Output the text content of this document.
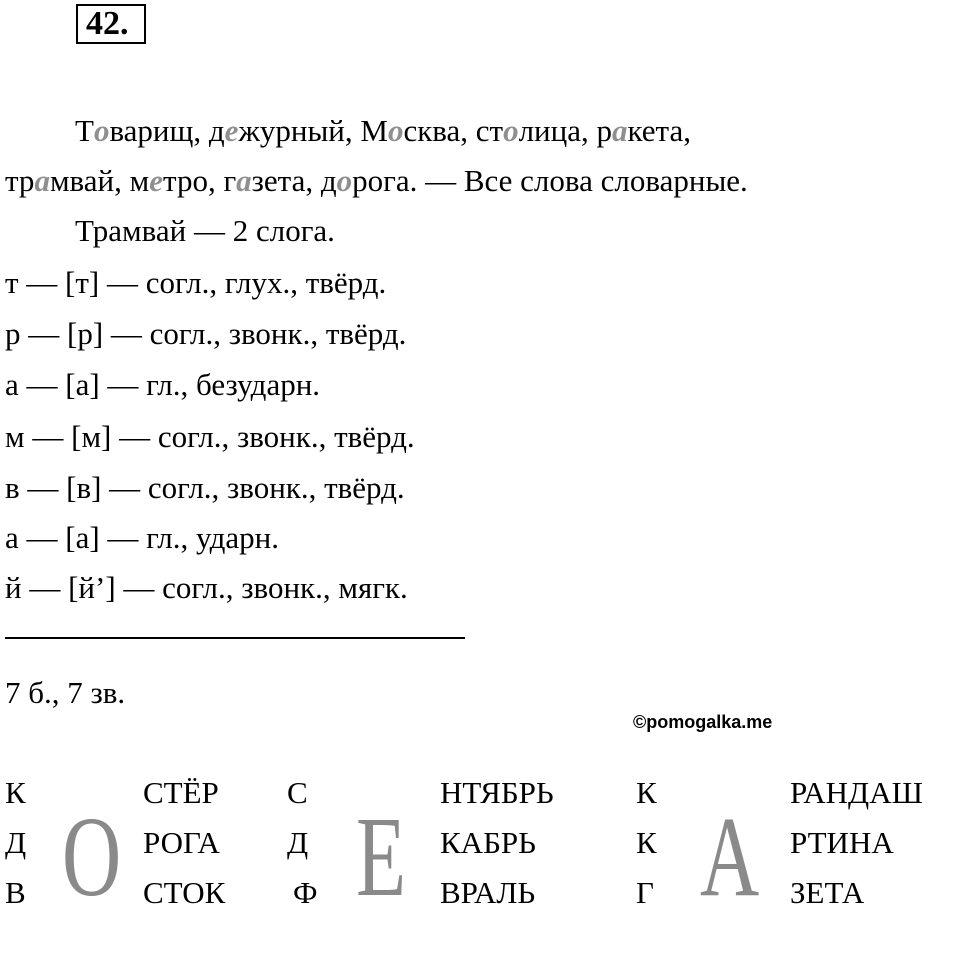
42.
Товарищ, дежурный, Москва, столица, ракета,
трамвай, метро, газета, дорога. — Все слова словарные.
Трамвай — 2 слога.
т — [т] — согл., глух., твёрд.
р — [р] — согл., звонк., твёрд.
а — [а] — гл., безударн.
м — [м] — согл., звонк., твёрд.
в — [в] — согл., звонк., твёрд.
а — [а] — гл., ударн.
й — [й’] — согл., звонк., мягк.
7 б., 7 зв.
©pomogalka.me
К
Д
В О
СТЁР
РОГА
СТОК
С
Д
Ф Е
НТЯБРЬ
КАБРЬ
ВРАЛЬ
К
К
Г А
РАНДАШ
РТИНА
ЗЕТА
